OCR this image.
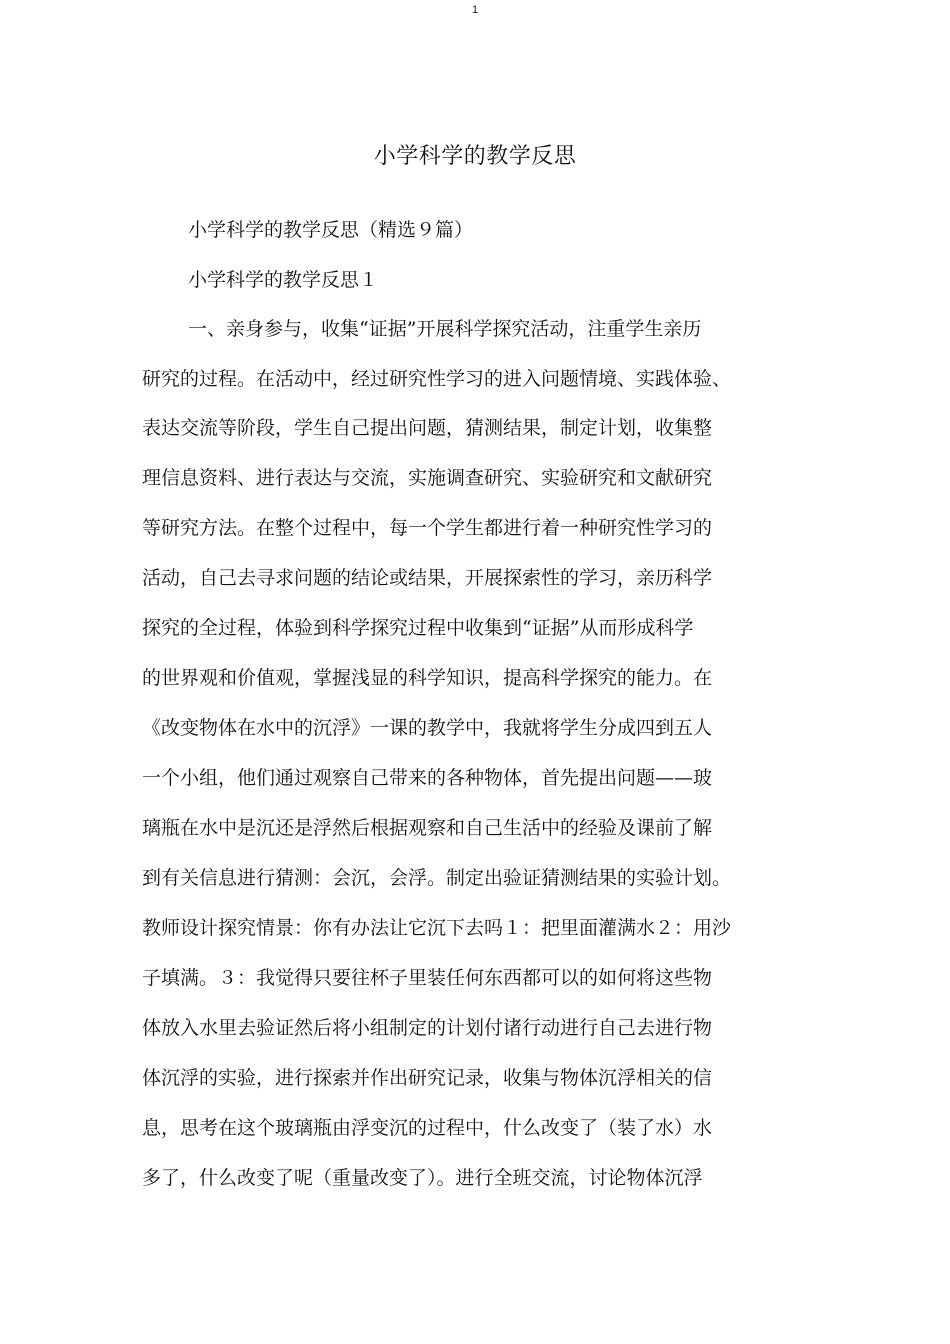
1
小学科学的教学反思

小学科学的教学反思（精选９篇）

小学科学的教学反思１

一、亲身参与，收集“证据”开展科学探究活动，注重学生亲历

研究的过程。在活动中，经过研究性学习的进入问题情境、实践体验、

表达交流等阶段，学生自己提出问题，猜测结果，制定计划，收集整

理信息资料、进行表达与交流，实施调查研究、实验研究和文献研究

等研究方法。在整个过程中，每一个学生都进行着一种研究性学习的

活动，自己去寻求问题的结论或结果，开展探索性的学习，亲历科学

探究的全过程，体验到科学探究过程中收集到“证据”从而形成科学

的世界观和价值观，掌握浅显的科学知识，提高科学探究的能力。在

《改变物体在水中的沉浮》一课的教学中，我就将学生分成四到五人

一个小组，他们通过观察自己带来的各种物体，首先提出问题——玻

璃瓶在水中是沉还是浮然后根据观察和自己生活中的经验及课前了解

到有关信息进行猜测：会沉，会浮。制定出验证猜测结果的实验计划。

教师设计探究情景：你有办法让它沉下去吗１：把里面灌满水２：用沙

子填满。３：我觉得只要往杯子里装任何东西都可以的如何将这些物

体放入水里去验证然后将小组制定的计划付诸行动进行自己去进行物

体沉浮的实验，进行探索并作出研究记录，收集与物体沉浮相关的信

息，思考在这个玻璃瓶由浮变沉的过程中，什么改变了（装了水）水

多了，什么改变了呢（重量改变了）。进行全班交流，讨论物体沉浮
